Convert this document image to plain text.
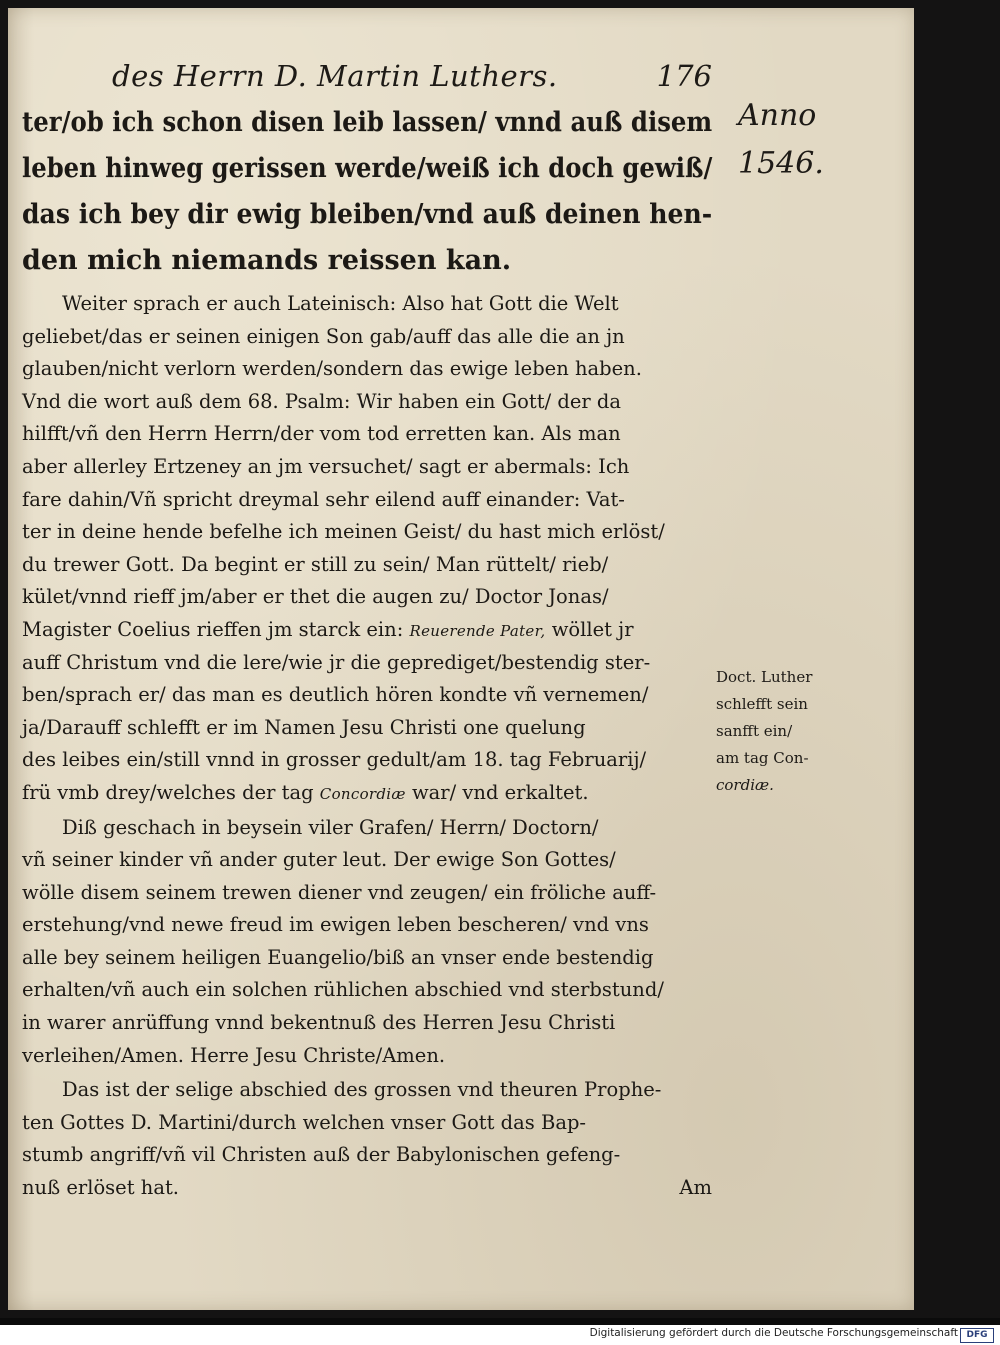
des Herrn D. Martin Luthers.	176
Anno
1546.
Doct. Luther
schlefft sein
sanfft ein/
am tag Con-
cordiæ.
ter/ob ich schon disen leib lassen/ vnnd auß disem
leben hinweg gerissen werde/weiß ich doch gewiß/
das ich bey dir ewig bleiben/vnd auß deinen hen-
den mich niemands reissen kan.
Weiter sprach er auch Lateinisch: Also hat Gott die Welt
geliebet/das er seinen einigen Son gab/auff das alle die an jn
glauben/nicht verlorn werden/sondern das ewige leben haben.
Vnd die wort auß dem 68. Psalm: Wir haben ein Gott/ der da
hilfft/vñ den Herrn Herrn/der vom tod erretten kan. Als man
aber allerley Ertzeney an jm versuchet/ sagt er abermals: Ich
fare dahin/Vñ spricht dreymal sehr eilend auff einander: Vat-
ter in deine hende befelhe ich meinen Geist/ du hast mich erlöst/
du trewer Gott. Da begint er still zu sein/ Man rüttelt/ rieb/
kület/vnnd rieff jm/aber er thet die augen zu/ Doctor Jonas/
Magister Coelius rieffen jm starck ein: Reuerende Pater, wöllet jr
auff Christum vnd die lere/wie jr die geprediget/bestendig ster-
ben/sprach er/ das man es deutlich hören kondte vñ vernemen/
ja/Darauff schlefft er im Namen Jesu Christi one quelung
des leibes ein/still vnnd in grosser gedult/am 18. tag Februarij/
frü vmb drey/welches der tag Concordiæ war/ vnd erkaltet.
Diß geschach in beysein viler Grafen/ Herrn/ Doctorn/
vñ seiner kinder vñ ander guter leut. Der ewige Son Gottes/
wölle disem seinem trewen diener vnd zeugen/ ein fröliche auff-
erstehung/vnd newe freud im ewigen leben bescheren/ vnd vns
alle bey seinem heiligen Euangelio/biß an vnser ende bestendig
erhalten/vñ auch ein solchen rühlichen abschied vnd sterbstund/
in warer anrüffung vnnd bekentnuß des Herren Jesu Christi
verleihen/Amen. Herre Jesu Christe/Amen.
Das ist der selige abschied des grossen vnd theuren Prophe-
ten Gottes D. Martini/durch welchen vnser Gott das Bap-
stumb angriff/vñ vil Christen auß der Babylonischen gefeng-
nuß erlöset hat.	Am
Digitalisierung gefördert durch die Deutsche Forschungsgemeinschaft DFG
